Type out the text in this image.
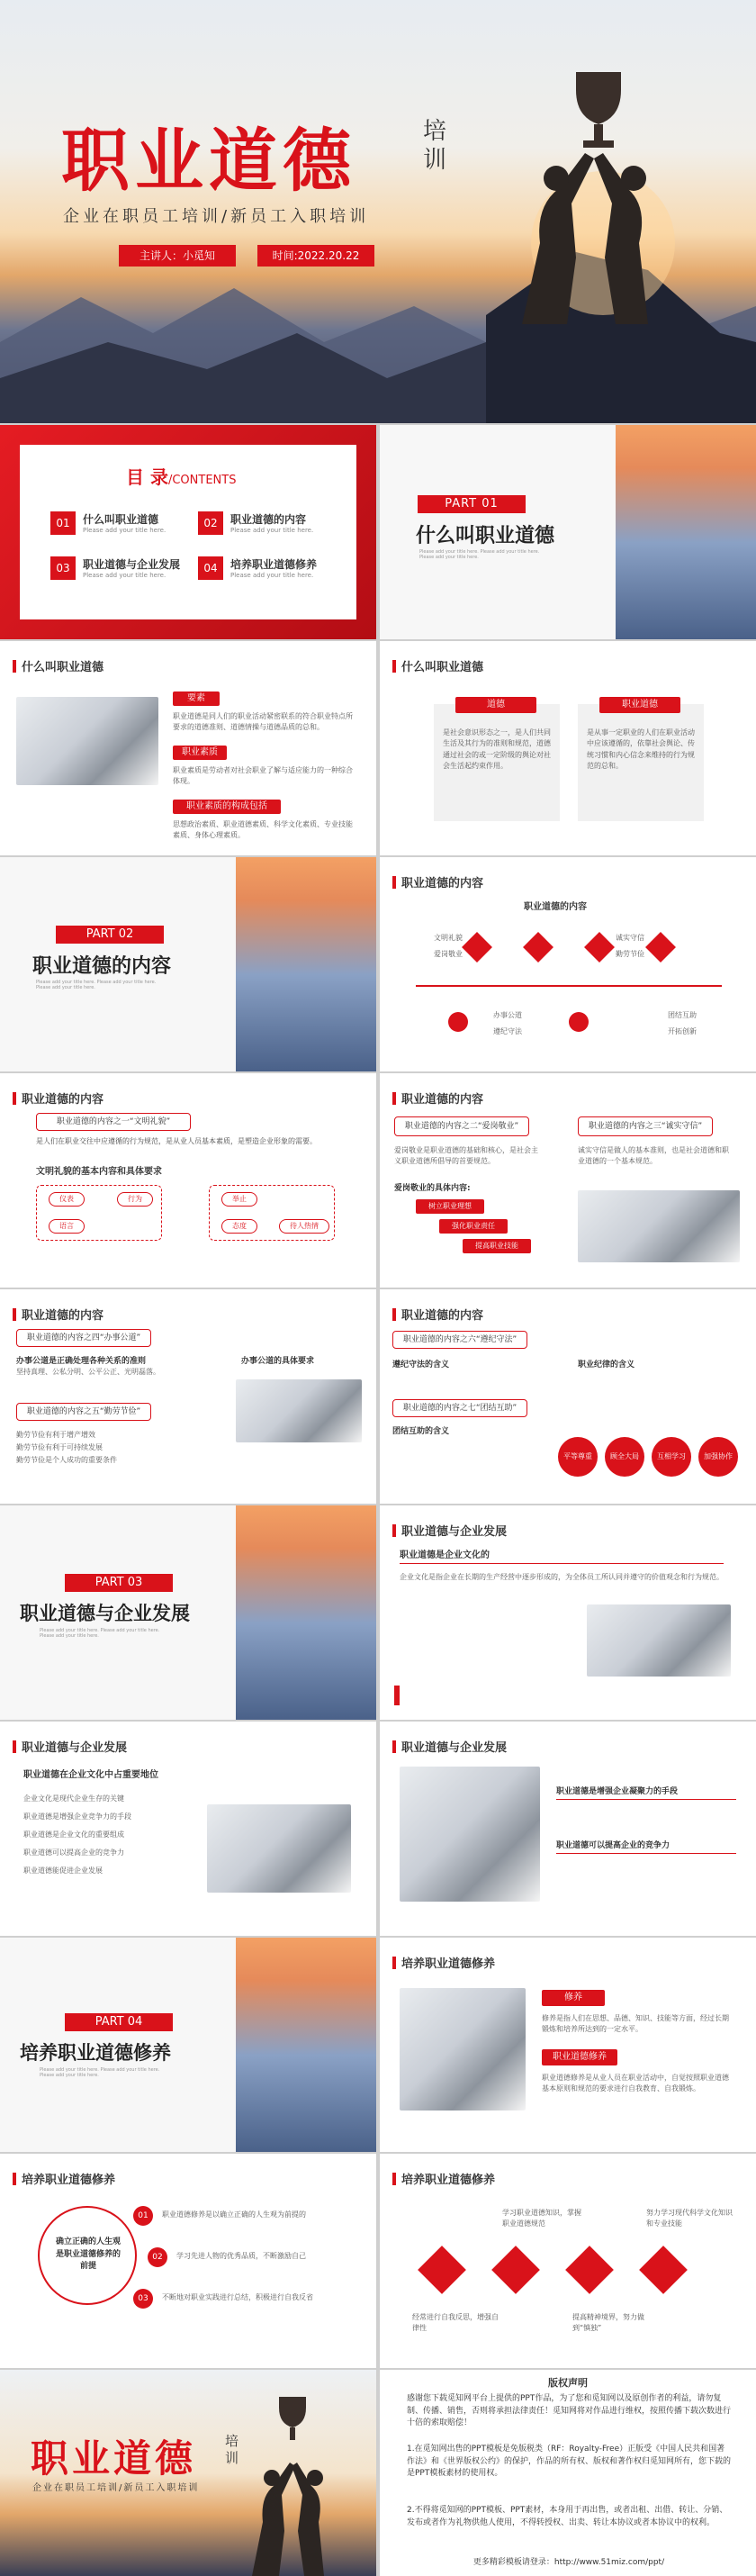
职业道德	培训
企业在职员工培训/新员工入职培训
主讲人：小觅知	时间:2022.20.22
目 录/CONTENTS
01	什么叫职业道德
Please add your title here.
02	职业道德的内容
Please add your title here.
03	职业道德与企业发展
Please add your title here.
04	培养职业道德修养
Please add your title here.
PART 01
什么叫职业道德
Please add your title here. Please add your title here. Please add your title here.
什么叫职业道德
要素
职业道德是同人们的职业活动紧密联系的符合职业特点所要求的道德准则、道德情操与道德品质的总和。
职业素质
职业素质是劳动者对社会职业了解与适应能力的一种综合体现。
职业素质的构成包括
思想政治素质、职业道德素质、科学文化素质、专业技能素质、身体心理素质。
什么叫职业道德
道德
是社会意识形态之一，是人们共同生活及其行为的准则和规范，道德通过社会的或一定阶级的舆论对社会生活起约束作用。
职业道德
是从事一定职业的人们在职业活动中应该遵循的，依靠社会舆论、传统习惯和内心信念来维持的行为规范的总和。
PART 02
职业道德的内容
Please add your title here. Please add your title here. Please add your title here.
职业道德的内容
职业道德的内容
文明礼貌
爱岗敬业
诚实守信
办事公道
勤劳节俭
遵纪守法
团结互助
开拓创新
职业道德的内容
职业道德的内容之一“文明礼貌”
是人们在职业交往中应遵循的行为规范，是从业人员基本素质，是塑造企业形象的需要。
文明礼貌的基本内容和具体要求
仪表
语言
举止
态度
行为
待人热情
职业道德的内容
职业道德的内容之二“爱岗敬业”	职业道德的内容之三“诚实守信”
爱岗敬业是职业道德的基础和核心，是社会主义职业道德所倡导的首要规范。
爱岗敬业的具体内容:
树立职业理想
强化职业责任
提高职业技能
诚实守信是做人的基本准则，也是社会道德和职业道德的一个基本规范。
职业道德的内容
职业道德的内容之四“办事公道”
办事公道是正确处理各种关系的准则
坚持真理、公私分明、公平公正、光明磊落。
办事公道的具体要求
职业道德的内容之五“勤劳节俭”
勤劳节俭有利于增产增效
勤劳节俭有利于可持续发展
勤劳节俭是个人成功的重要条件
职业道德的内容
职业道德的内容之六“遵纪守法”
遵纪守法的含义	职业纪律的含义
职业道德的内容之七“团结互助”
团结互助的含义
平等尊重	顾全大局	互相学习	加强协作
PART 03
职业道德与企业发展
Please add your title here. Please add your title here. Please add your title here.
职业道德与企业发展
职业道德是企业文化的
企业文化是指企业在长期的生产经营中逐步形成的，为全体员工所认同并遵守的价值观念和行为规范。
职业道德与企业发展
职业道德在企业文化中占重要地位
企业文化是现代企业生存的关键
职业道德是增强企业竞争力的手段
职业道德是企业文化的重要组成
职业道德可以提高企业的竞争力
职业道德能促进企业发展
职业道德与企业发展
职业道德是增强企业凝聚力的手段
职业道德可以提高企业的竞争力
PART 04
培养职业道德修养
Please add your title here. Please add your title here. Please add your title here.
培养职业道德修养
修养
修养是指人们在思想、品德、知识、技能等方面，经过长期锻炼和培养所达到的一定水平。
职业道德修养
职业道德修养是从业人员在职业活动中，自觉按照职业道德基本原则和规范的要求进行自我教育、自我锻炼。
培养职业道德修养
确立正确的人生观是职业道德修养的前提
01
02
03
职业道德修养是以确立正确的人生观为前提的
学习先进人物的优秀品质，不断激励自己
不断地对职业实践进行总结，积极进行自我反省
培养职业道德修养
学习职业道德知识，掌握职业道德规范
努力学习现代科学文化知识和专业技能
经常进行自我反思，增强自律性
提高精神境界，努力做到“慎独”
职业道德 培训
企业在职员工培训/新员工入职培训
版权声明
感谢您下载觅知网平台上提供的PPT作品，为了您和觅知网以及原创作者的利益，请勿复制、传播、销售，否则将承担法律责任！觅知网将对作品进行维权，按照传播下载次数进行十倍的索取赔偿！
1.在觅知网出售的PPT模板是免版税类（RF：Royalty-Free）正版受《中国人民共和国著作法》和《世界版权公约》的保护，作品的所有权、版权和著作权归觅知网所有，您下载的是PPT模板素材的使用权。
2.不得将觅知网的PPT模板、PPT素材，本身用于再出售，或者出租、出借、转让、分销、发布或者作为礼物供他人使用，不得转授权、出卖、转让本协议或者本协议中的权利。
更多精彩模板请登录：http://www.51miz.com/ppt/
